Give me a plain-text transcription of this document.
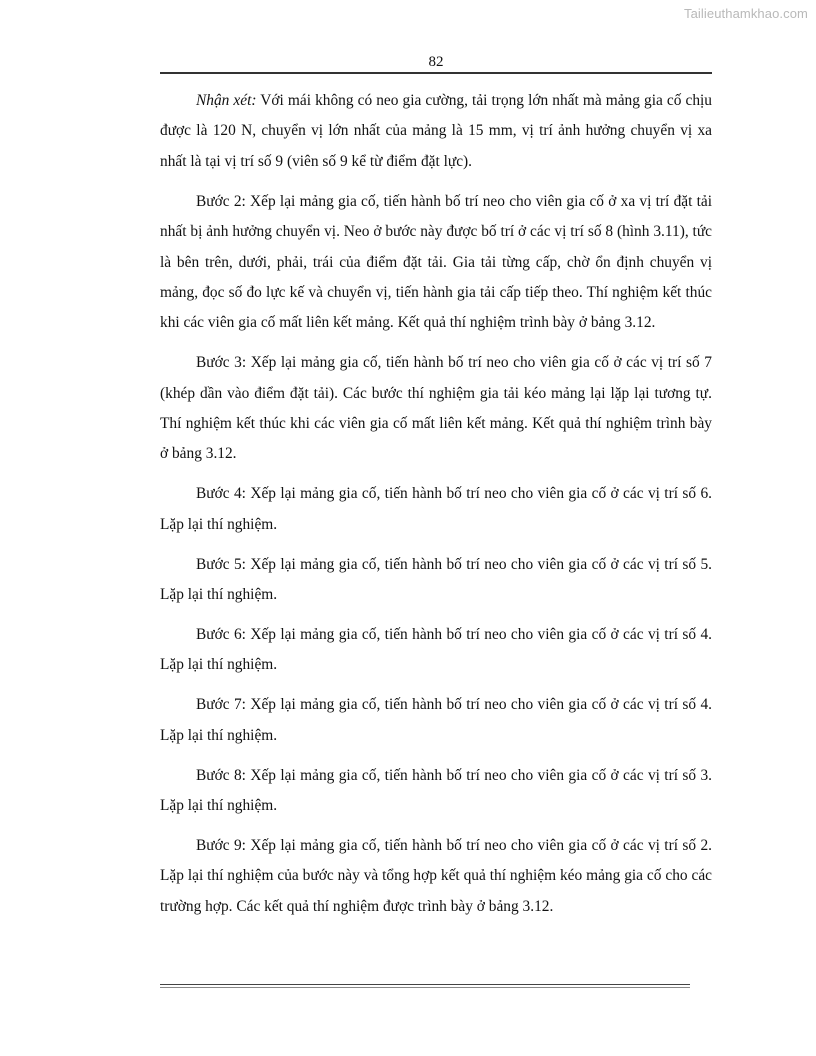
Tailieuthamkhao.com
82

Nhận xét: Với mái không có neo gia cường, tải trọng lớn nhất mà mảng gia cố chịu được là 120 N, chuyển vị lớn nhất của mảng là 15 mm, vị trí ảnh hưởng chuyển vị xa nhất là tại vị trí số 9 (viên số 9 kể từ điểm đặt lực).

Bước 2: Xếp lại mảng gia cố, tiến hành bố trí neo cho viên gia cố ở xa vị trí đặt tải nhất bị ảnh hưởng chuyển vị. Neo ở bước này được bố trí ở các vị trí số 8 (hình 3.11), tức là bên trên, dưới, phải, trái của điểm đặt tải. Gia tải từng cấp, chờ ổn định chuyển vị mảng, đọc số đo lực kế và chuyển vị, tiến hành gia tải cấp tiếp theo. Thí nghiệm kết thúc khi các viên gia cố mất liên kết mảng. Kết quả thí nghiệm trình bày ở bảng 3.12.

Bước 3: Xếp lại mảng gia cố, tiến hành bố trí neo cho viên gia cố ở các vị trí số 7 (khép dần vào điểm đặt tải). Các bước thí nghiệm gia tải kéo mảng lại lặp lại tương tự. Thí nghiệm kết thúc khi các viên gia cố mất liên kết mảng. Kết quả thí nghiệm trình bày ở bảng 3.12.

Bước 4: Xếp lại mảng gia cố, tiến hành bố trí neo cho viên gia cố ở các vị trí số 6. Lặp lại thí nghiệm.

Bước 5: Xếp lại mảng gia cố, tiến hành bố trí neo cho viên gia cố ở các vị trí số 5. Lặp lại thí nghiệm.

Bước 6: Xếp lại mảng gia cố, tiến hành bố trí neo cho viên gia cố ở các vị trí số 4. Lặp lại thí nghiệm.

Bước 7: Xếp lại mảng gia cố, tiến hành bố trí neo cho viên gia cố ở các vị trí số 4. Lặp lại thí nghiệm.

Bước 8: Xếp lại mảng gia cố, tiến hành bố trí neo cho viên gia cố ở các vị trí số 3. Lặp lại thí nghiệm.

Bước 9: Xếp lại mảng gia cố, tiến hành bố trí neo cho viên gia cố ở các vị trí số 2. Lặp lại thí nghiệm của bước này và tổng hợp kết quả thí nghiệm kéo mảng gia cố cho các trường hợp. Các kết quả thí nghiệm được trình bày ở bảng 3.12.
